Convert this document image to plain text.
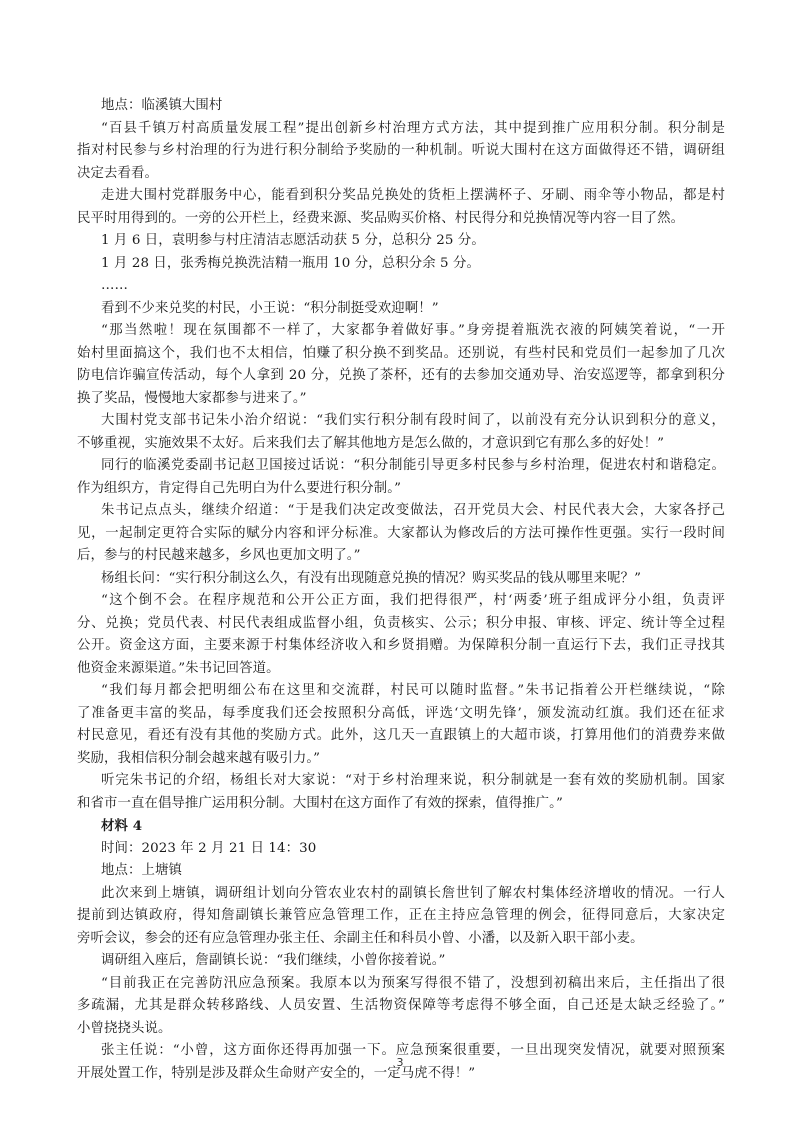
地点：临溪镇大围村
“百县千镇万村高质量发展工程”提出创新乡村治理方式方法，其中提到推广应用积分制。积分制是
指对村民参与乡村治理的行为进行积分制给予奖励的一种机制。听说大围村在这方面做得还不错，调研组
决定去看看。
走进大围村党群服务中心，能看到积分奖品兑换处的货柜上摆满杯子、牙刷、雨伞等小物品，都是村
民平时用得到的。一旁的公开栏上，经费来源、奖品购买价格、村民得分和兑换情况等内容一目了然。
1 月 6 日，袁明参与村庄清洁志愿活动获 5 分，总积分 25 分。
1 月 28 日，张秀梅兑换洗洁精一瓶用 10 分，总积分余 5 分。
……
看到不少来兑奖的村民，小王说：“积分制挺受欢迎啊！”
“那当然啦！现在氛围都不一样了，大家都争着做好事。”身旁提着瓶洗衣液的阿姨笑着说，“一开
始村里面搞这个，我们也不太相信，怕赚了积分换不到奖品。还别说，有些村民和党员们一起参加了几次
防电信诈骗宣传活动，每个人拿到 20 分，兑换了茶杯，还有的去参加交通劝导、治安巡逻等，都拿到积分
换了奖品，慢慢地大家都参与进来了。”
大围村党支部书记朱小治介绍说：“我们实行积分制有段时间了，以前没有充分认识到积分的意义，
不够重视，实施效果不太好。后来我们去了解其他地方是怎么做的，才意识到它有那么多的好处！”
同行的临溪党委副书记赵卫国接过话说：“积分制能引导更多村民参与乡村治理，促进农村和谐稳定。
作为组织方，肯定得自己先明白为什么要进行积分制。”
朱书记点点头，继续介绍道：“于是我们决定改变做法，召开党员大会、村民代表大会，大家各抒己
见，一起制定更符合实际的赋分内容和评分标准。大家都认为修改后的方法可操作性更强。实行一段时间
后，参与的村民越来越多，乡风也更加文明了。”
杨组长问：“实行积分制这么久，有没有出现随意兑换的情况？购买奖品的钱从哪里来呢？”
“这个倒不会。在程序规范和公开公正方面，我们把得很严，村‘两委’班子组成评分小组，负责评
分、兑换；党员代表、村民代表组成监督小组，负责核实、公示；积分申报、审核、评定、统计等全过程
公开。资金这方面，主要来源于村集体经济收入和乡贤捐赠。为保障积分制一直运行下去，我们正寻找其
他资金来源渠道。”朱书记回答道。
“我们每月都会把明细公布在这里和交流群，村民可以随时监督。”朱书记指着公开栏继续说，“除
了准备更丰富的奖品，每季度我们还会按照积分高低，评选‘文明先锋’，颁发流动红旗。我们还在征求
村民意见，看还有没有其他的奖励方式。此外，这几天一直跟镇上的大超市谈，打算用他们的消费券来做
奖励，我相信积分制会越来越有吸引力。”
听完朱书记的介绍，杨组长对大家说：“对于乡村治理来说，积分制就是一套有效的奖励机制。国家
和省市一直在倡导推广运用积分制。大围村在这方面作了有效的探索，值得推广。”
材料 4
时间：2023 年 2 月 21 日 14：30
地点：上塘镇
此次来到上塘镇，调研组计划向分管农业农村的副镇长詹世钊了解农村集体经济增收的情况。一行人
提前到达镇政府，得知詹副镇长兼管应急管理工作，正在主持应急管理的例会，征得同意后，大家决定
旁听会议，参会的还有应急管理办张主任、余副主任和科员小曾、小潘，以及新入职干部小麦。
调研组入座后，詹副镇长说：“我们继续，小曾你接着说。”
“目前我正在完善防汛应急预案。我原本以为预案写得很不错了，没想到初稿出来后，主任指出了很
多疏漏，尤其是群众转移路线、人员安置、生活物资保障等考虑得不够全面，自己还是太缺乏经验了。”
小曾挠挠头说。
张主任说：“小曾，这方面你还得再加强一下。应急预案很重要，一旦出现突发情况，就要对照预案
开展处置工作，特别是涉及群众生命财产安全的，一定马虎不得！”
3
